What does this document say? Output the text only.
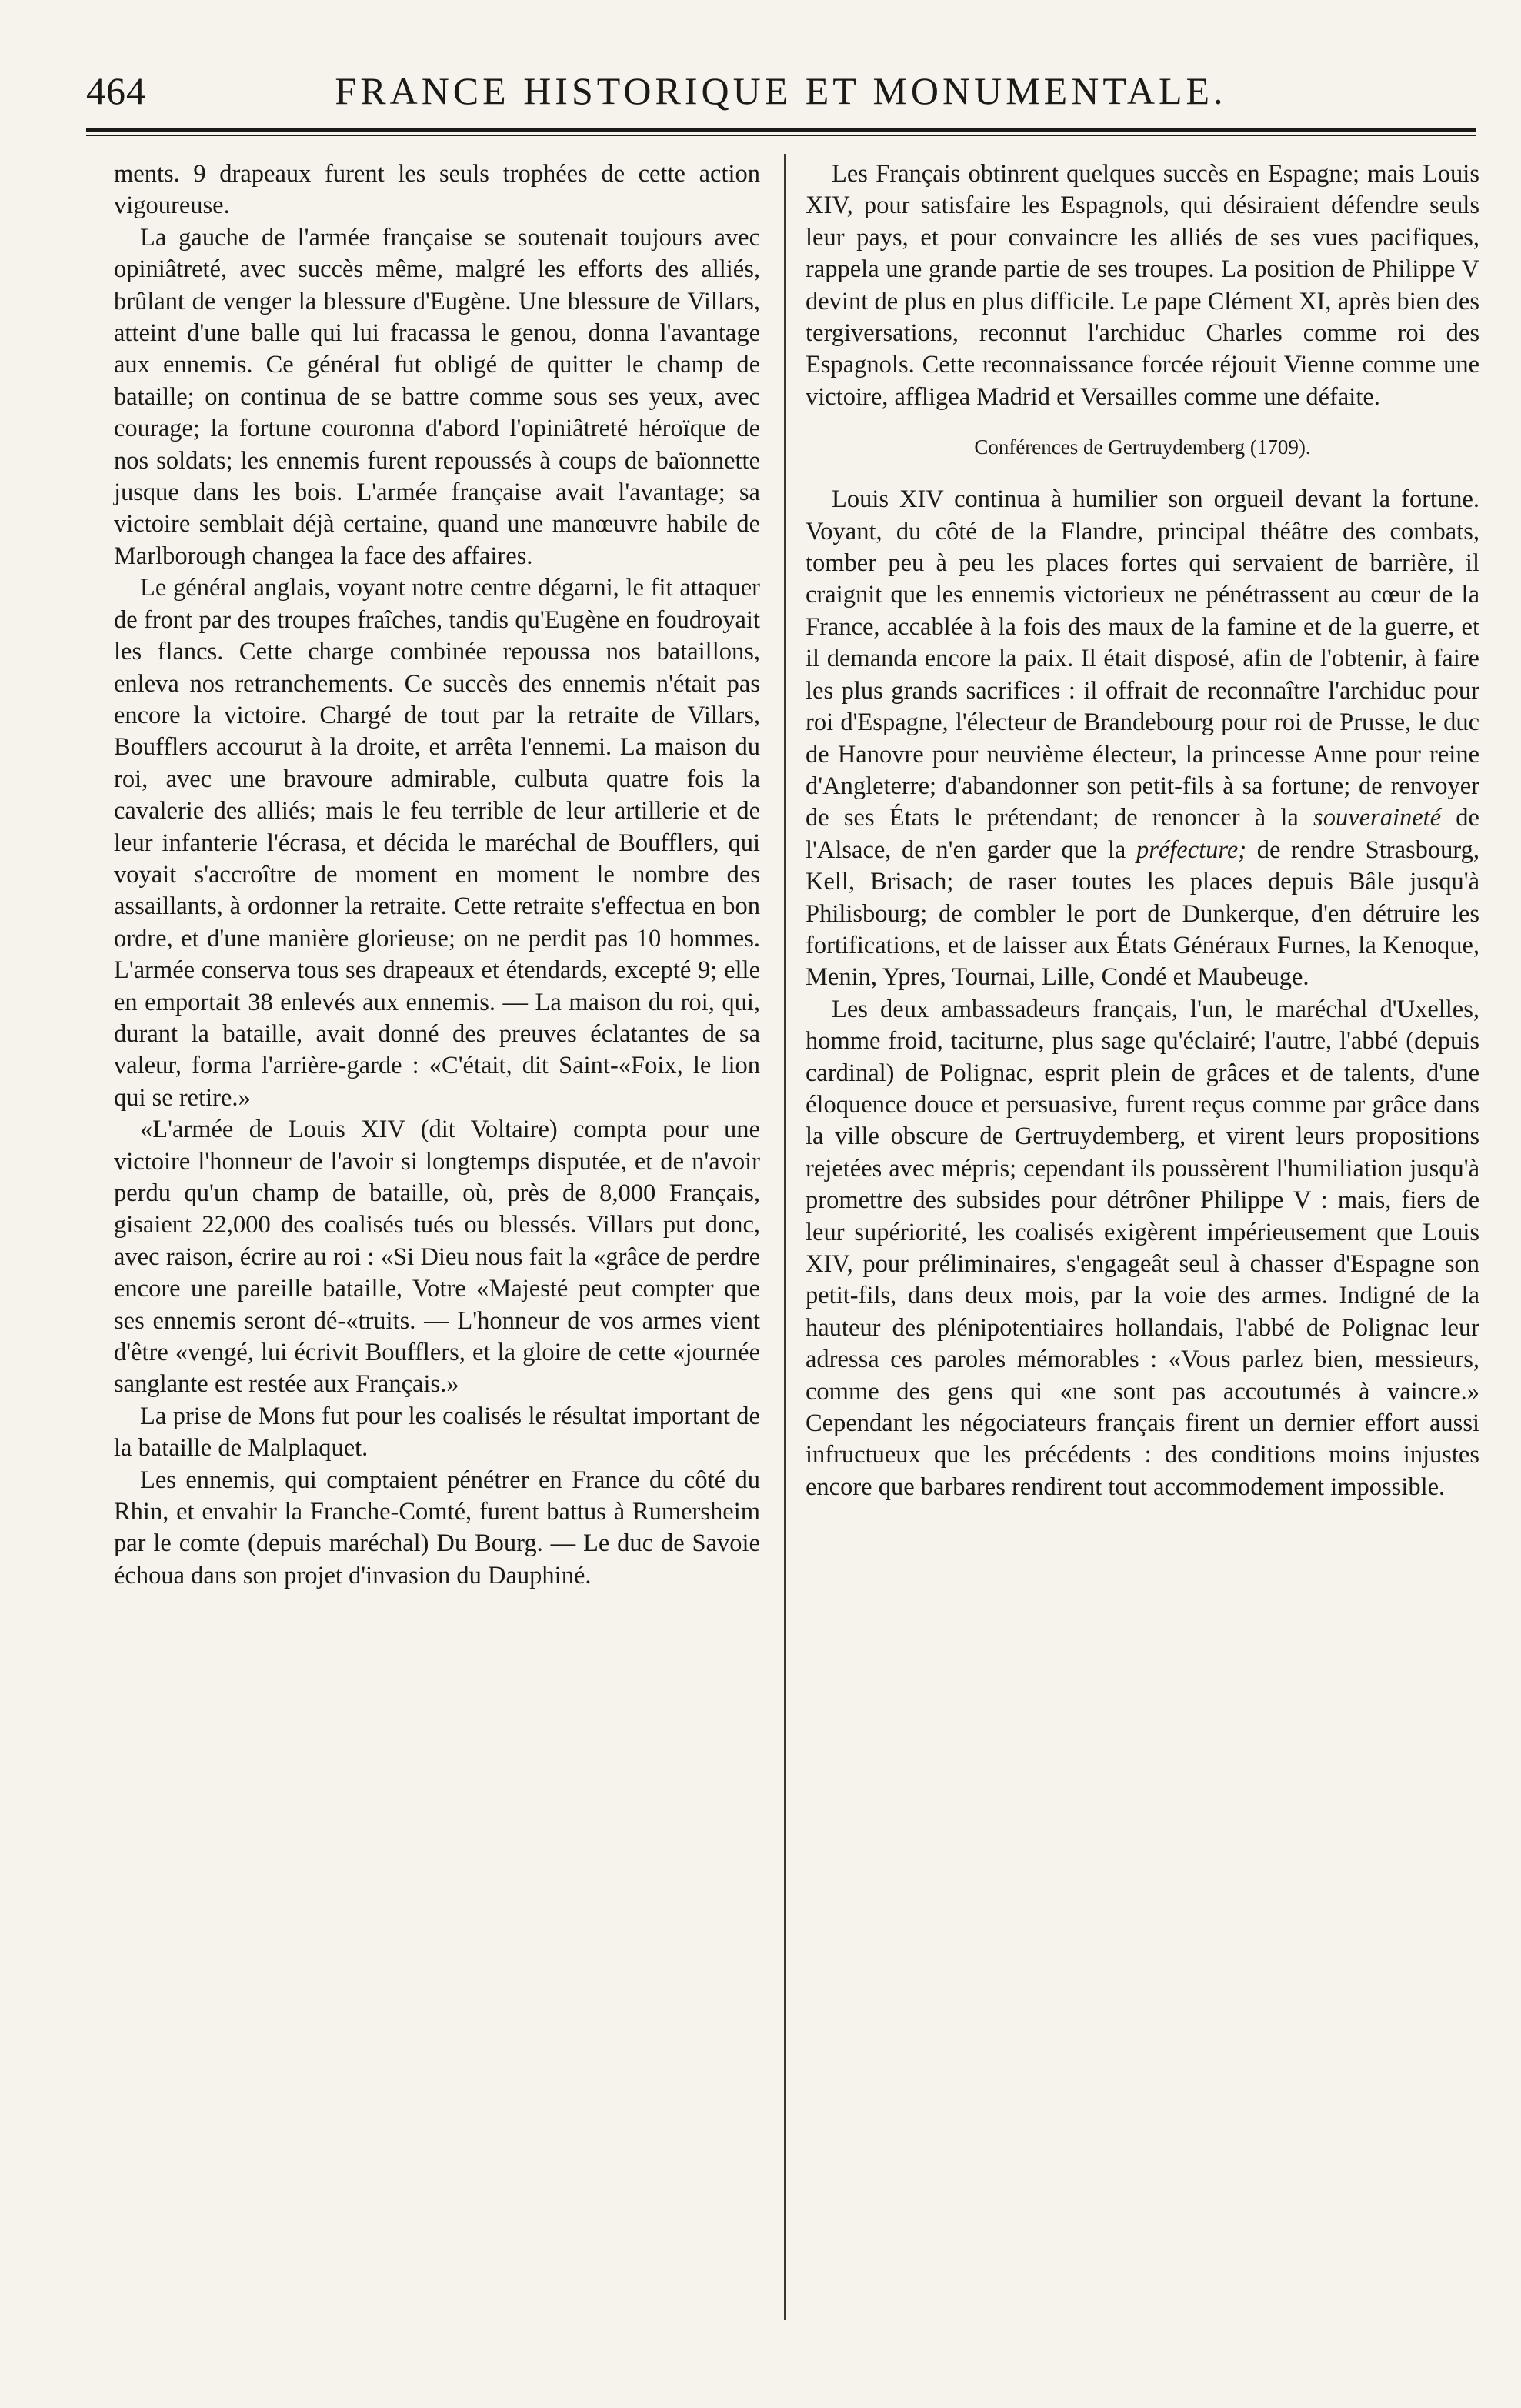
464	FRANCE HISTORIQUE ET MONUMENTALE.

ments. 9 drapeaux furent les seuls trophées de cette action vigoureuse.

La gauche de l'armée française se soutenait toujours avec opiniâtreté, avec succès même, malgré les efforts des alliés, brûlant de venger la blessure d'Eugène. Une blessure de Villars, atteint d'une balle qui lui fracassa le genou, donna l'avantage aux ennemis. Ce général fut obligé de quitter le champ de bataille; on continua de se battre comme sous ses yeux, avec courage; la fortune couronna d'abord l'opiniâtreté héroïque de nos soldats; les ennemis furent repoussés à coups de baïonnette jusque dans les bois. L'armée française avait l'avantage; sa victoire semblait déjà certaine, quand une manœuvre habile de Marlborough changea la face des affaires.

Le général anglais, voyant notre centre dégarni, le fit attaquer de front par des troupes fraîches, tandis qu'Eugène en foudroyait les flancs. Cette charge combinée repoussa nos bataillons, enleva nos retranchements. Ce succès des ennemis n'était pas encore la victoire. Chargé de tout par la retraite de Villars, Boufflers accourut à la droite, et arrêta l'ennemi. La maison du roi, avec une bravoure admirable, culbuta quatre fois la cavalerie des alliés; mais le feu terrible de leur artillerie et de leur infanterie l'écrasa, et décida le maréchal de Boufflers, qui voyait s'accroître de moment en moment le nombre des assaillants, à ordonner la retraite. Cette retraite s'effectua en bon ordre, et d'une manière glorieuse; on ne perdit pas 10 hommes. L'armée conserva tous ses drapeaux et étendards, excepté 9; elle en emportait 38 enlevés aux ennemis. — La maison du roi, qui, durant la bataille, avait donné des preuves éclatantes de sa valeur, forma l'arrière-garde : «C'était, dit Saint-«Foix, le lion qui se retire.»

«L'armée de Louis XIV (dit Voltaire) compta pour une victoire l'honneur de l'avoir si longtemps disputée, et de n'avoir perdu qu'un champ de bataille, où, près de 8,000 Français, gisaient 22,000 des coalisés tués ou blessés. Villars put donc, avec raison, écrire au roi : «Si Dieu nous fait la «grâce de perdre encore une pareille bataille, Votre «Majesté peut compter que ses ennemis seront dé-«truits. — L'honneur de vos armes vient d'être «vengé, lui écrivit Boufflers, et la gloire de cette «journée sanglante est restée aux Français.»

La prise de Mons fut pour les coalisés le résultat important de la bataille de Malplaquet.

Les ennemis, qui comptaient pénétrer en France du côté du Rhin, et envahir la Franche-Comté, furent battus à Rumersheim par le comte (depuis maréchal) Du Bourg. — Le duc de Savoie échoua dans son projet d'invasion du Dauphiné.

Les Français obtinrent quelques succès en Espagne; mais Louis XIV, pour satisfaire les Espagnols, qui désiraient défendre seuls leur pays, et pour convaincre les alliés de ses vues pacifiques, rappela une grande partie de ses troupes. La position de Philippe V devint de plus en plus difficile. Le pape Clément XI, après bien des tergiversations, reconnut l'archiduc Charles comme roi des Espagnols. Cette reconnaissance forcée réjouit Vienne comme une victoire, affligea Madrid et Versailles comme une défaite.

Conférences de Gertruydemberg (1709).

Louis XIV continua à humilier son orgueil devant la fortune. Voyant, du côté de la Flandre, principal théâtre des combats, tomber peu à peu les places fortes qui servaient de barrière, il craignit que les ennemis victorieux ne pénétrassent au cœur de la France, accablée à la fois des maux de la famine et de la guerre, et il demanda encore la paix. Il était disposé, afin de l'obtenir, à faire les plus grands sacrifices : il offrait de reconnaître l'archiduc pour roi d'Espagne, l'électeur de Brandebourg pour roi de Prusse, le duc de Hanovre pour neuvième électeur, la princesse Anne pour reine d'Angleterre; d'abandonner son petit-fils à sa fortune; de renvoyer de ses États le prétendant; de renoncer à la souveraineté de l'Alsace, de n'en garder que la préfecture; de rendre Strasbourg, Kell, Brisach; de raser toutes les places depuis Bâle jusqu'à Philisbourg; de combler le port de Dunkerque, d'en détruire les fortifications, et de laisser aux États Généraux Furnes, la Kenoque, Menin, Ypres, Tournai, Lille, Condé et Maubeuge.

Les deux ambassadeurs français, l'un, le maréchal d'Uxelles, homme froid, taciturne, plus sage qu'éclairé; l'autre, l'abbé (depuis cardinal) de Polignac, esprit plein de grâces et de talents, d'une éloquence douce et persuasive, furent reçus comme par grâce dans la ville obscure de Gertruydemberg, et virent leurs propositions rejetées avec mépris; cependant ils poussèrent l'humiliation jusqu'à promettre des subsides pour détrôner Philippe V : mais, fiers de leur supériorité, les coalisés exigèrent impérieusement que Louis XIV, pour préliminaires, s'engageât seul à chasser d'Espagne son petit-fils, dans deux mois, par la voie des armes. Indigné de la hauteur des plénipotentiaires hollandais, l'abbé de Polignac leur adressa ces paroles mémorables : «Vous parlez bien, messieurs, comme des gens qui «ne sont pas accoutumés à vaincre.» Cependant les négociateurs français firent un dernier effort aussi infructueux que les précédents : des conditions moins injustes encore que barbares rendirent tout accommodement impossible.
